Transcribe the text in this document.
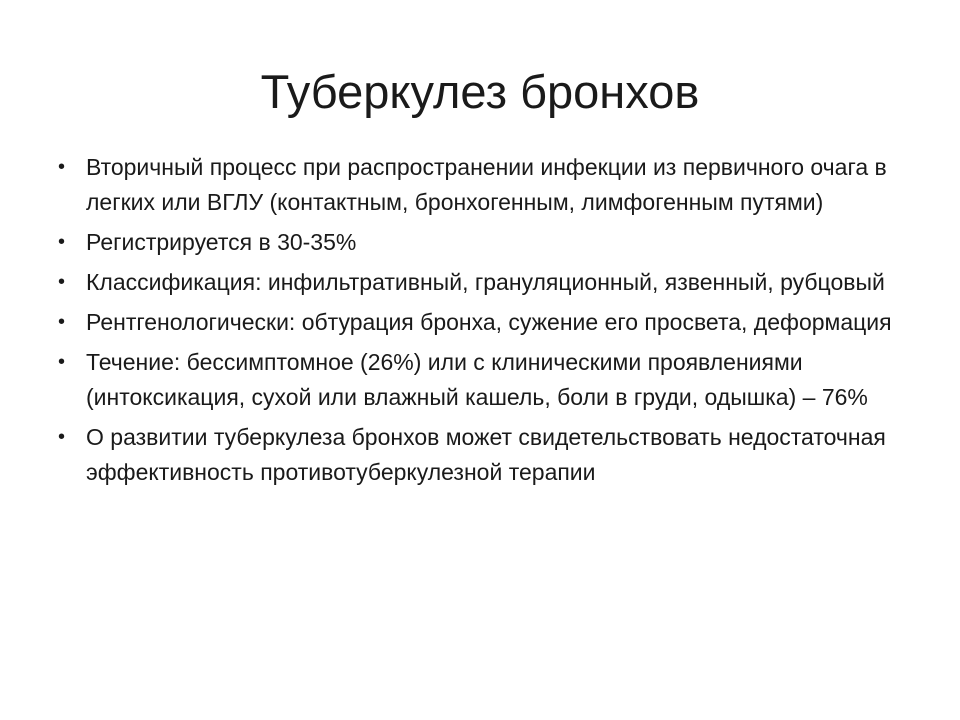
Туберкулез бронхов
• Вторичный процесс при распространении инфекции из первичного очага в легких или ВГЛУ (контактным, бронхогенным, лимфогенным путями)
• Регистрируется в 30-35%
• Классификация: инфильтративный, грануляционный, язвенный, рубцовый
• Рентгенологически: обтурация бронха, сужение его просвета, деформация
• Течение: бессимптомное (26%) или с клиническими проявлениями (интоксикация, сухой или влажный кашель, боли в груди, одышка) – 76%
• О развитии туберкулеза бронхов может свидетельствовать недостаточная эффективность противотуберкулезной терапии
